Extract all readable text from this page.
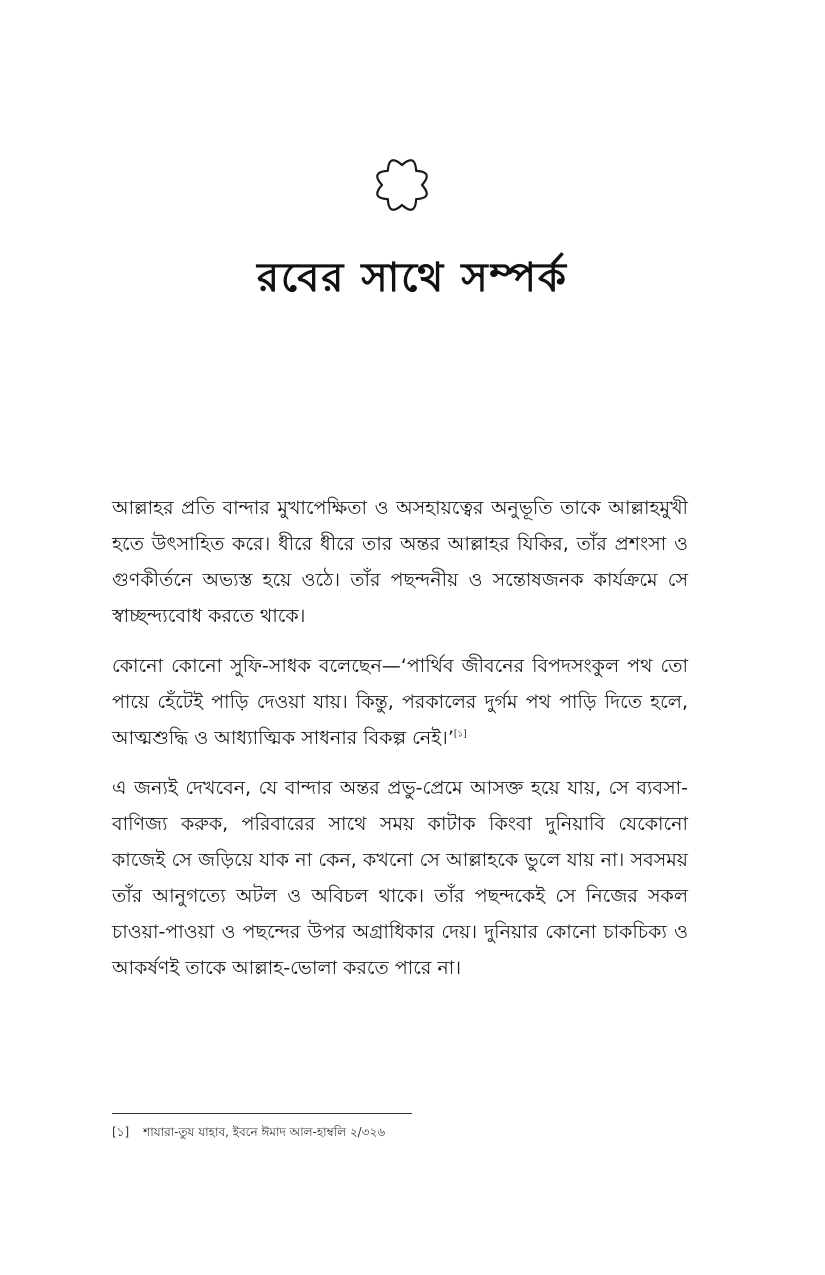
রবের সাথে সম্পর্ক

আল্লাহর প্রতি বান্দার মুখাপেক্ষিতা ও অসহায়ত্বের অনুভূতি তাকে আল্লাহমুখী হতে উৎসাহিত করে। ধীরে ধীরে তার অন্তর আল্লাহর যিকির, তাঁর প্রশংসা ও গুণকীর্তনে অভ্যস্ত হয়ে ওঠে। তাঁর পছন্দনীয় ও সন্তোষজনক কার্যক্রমে সে স্বাচ্ছন্দ্যবোধ করতে থাকে।

কোনো কোনো সুফি-সাধক বলেছেন—‘পার্থিব জীবনের বিপদসংকুল পথ তো পায়ে হেঁটেই পাড়ি দেওয়া যায়। কিন্তু, পরকালের দুর্গম পথ পাড়ি দিতে হলে, আত্মশুদ্ধি ও আধ্যাত্মিক সাধনার বিকল্প নেই।’[১]

এ জন্যই দেখবেন, যে বান্দার অন্তর প্রভু-প্রেমে আসক্ত হয়ে যায়, সে ব্যবসা-বাণিজ্য করুক, পরিবারের সাথে সময় কাটাক কিংবা দুনিয়াবি যেকোনো কাজেই সে জড়িয়ে যাক না কেন, কখনো সে আল্লাহকে ভুলে যায় না। সবসময় তাঁর আনুগত্যে অটল ও অবিচল থাকে। তাঁর পছন্দকেই সে নিজের সকল চাওয়া-পাওয়া ও পছন্দের উপর অগ্রাধিকার দেয়। দুনিয়ার কোনো চাকচিক্য ও আকর্ষণই তাকে আল্লাহ-ভোলা করতে পারে না।

[১] শাযারা-তুয যাহাব, ইবনে ঈমাদ আল-হাম্বলি ২/৩২৬
